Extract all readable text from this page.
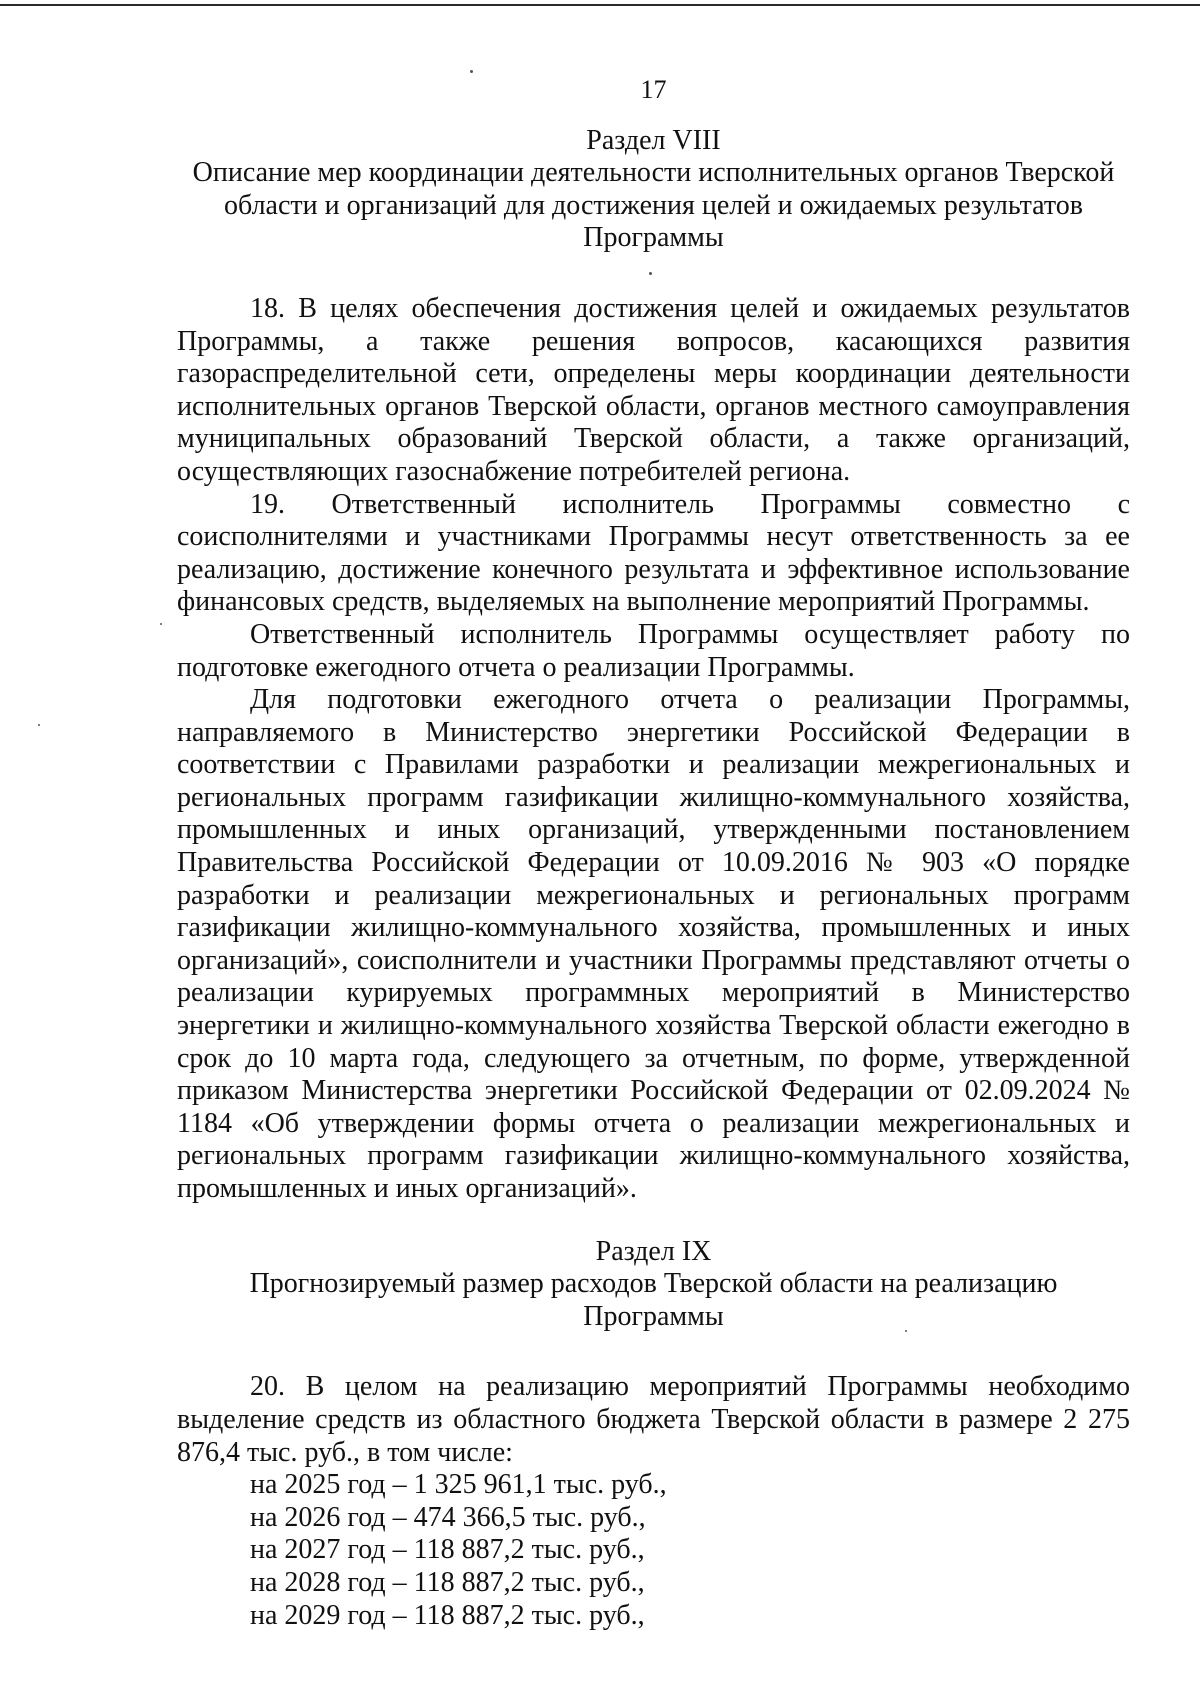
17
Раздел VIII
Описание мер координации деятельности исполнительных органов Тверской области и организаций для достижения целей и ожидаемых результатов Программы

18. В целях обеспечения достижения целей и ожидаемых результатов Программы, а также решения вопросов, касающихся развития газораспределительной сети, определены меры координации деятельности исполнительных органов Тверской области, органов местного самоуправления муниципальных образований Тверской области, а также организаций, осуществляющих газоснабжение потребителей региона.

19. Ответственный исполнитель Программы совместно с соисполнителями и участниками Программы несут ответственность за ее реализацию, достижение конечного результата и эффективное использование финансовых средств, выделяемых на выполнение мероприятий Программы.

Ответственный исполнитель Программы осуществляет работу по подготовке ежегодного отчета о реализации Программы.

Для подготовки ежегодного отчета о реализации Программы, направляемого в Министерство энергетики Российской Федерации в соответствии с Правилами разработки и реализации межрегиональных и региональных программ газификации жилищно-коммунального хозяйства, промышленных и иных организаций, утвержденными постановлением Правительства Российской Федерации от 10.09.2016 № 903 «О порядке разработки и реализации межрегиональных и региональных программ газификации жилищно-коммунального хозяйства, промышленных и иных организаций», соисполнители и участники Программы представляют отчеты о реализации курируемых программных мероприятий в Министерство энергетики и жилищно-коммунального хозяйства Тверской области ежегодно в срок до 10 марта года, следующего за отчетным, по форме, утвержденной приказом Министерства энергетики Российской Федерации от 02.09.2024 № 1184 «Об утверждении формы отчета о реализации межрегиональных и региональных программ газификации жилищно-коммунального хозяйства, промышленных и иных организаций».

Раздел IX
Прогнозируемый размер расходов Тверской области на реализацию Программы

20. В целом на реализацию мероприятий Программы необходимо выделение средств из областного бюджета Тверской области в размере 2 275 876,4 тыс. руб., в том числе:

на 2025 год – 1 325 961,1 тыс. руб.,
на 2026 год – 474 366,5 тыс. руб.,
на 2027 год – 118 887,2 тыс. руб.,
на 2028 год – 118 887,2 тыс. руб.,
на 2029 год – 118 887,2 тыс. руб.,
